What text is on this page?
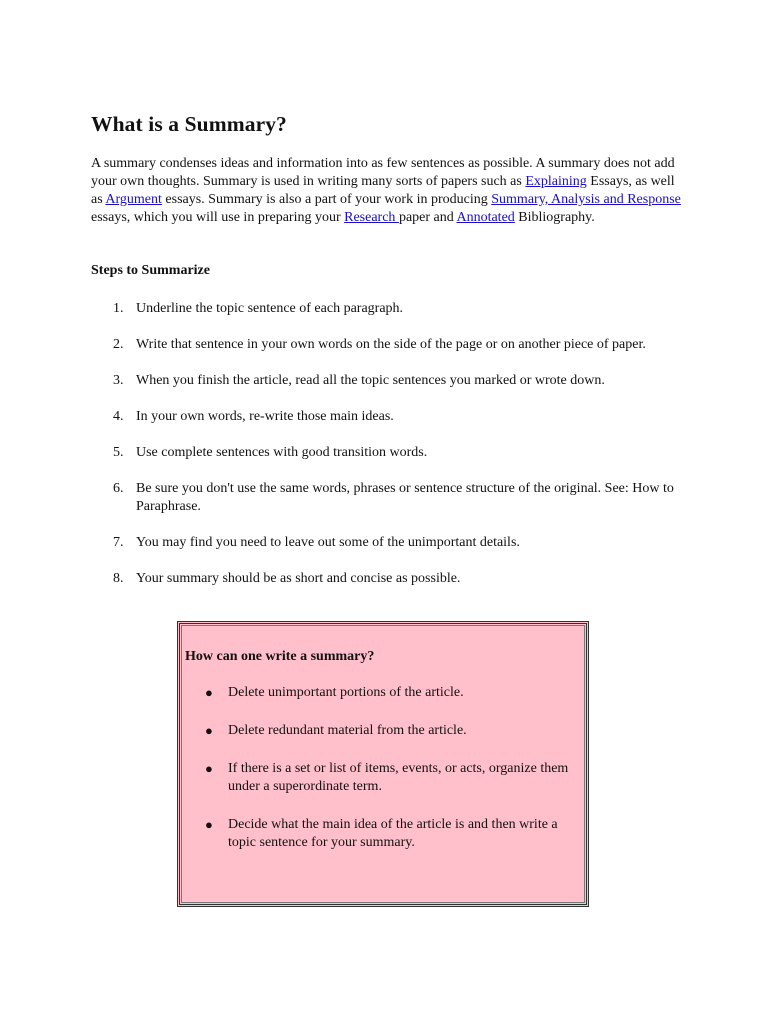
What is a Summary?

A summary condenses ideas and information into as few sentences as possible. A summary does not add your own thoughts. Summary is used in writing many sorts of papers such as Explaining Essays, as well as Argument essays. Summary is also a part of your work in producing Summary, Analysis and Response essays, which you will use in preparing your Research paper and Annotated Bibliography.

Steps to Summarize

1. Underline the topic sentence of each paragraph.
2. Write that sentence in your own words on the side of the page or on another piece of paper.
3. When you finish the article, read all the topic sentences you marked or wrote down.
4. In your own words, re-write those main ideas.
5. Use complete sentences with good transition words.
6. Be sure you don't use the same words, phrases or sentence structure of the original. See: How to Paraphrase.
7. You may find you need to leave out some of the unimportant details.
8. Your summary should be as short and concise as possible.

How can one write a summary?

● Delete unimportant portions of the article.
● Delete redundant material from the article.
● If there is a set or list of items, events, or acts, organize them under a superordinate term.
● Decide what the main idea of the article is and then write a topic sentence for your summary.
